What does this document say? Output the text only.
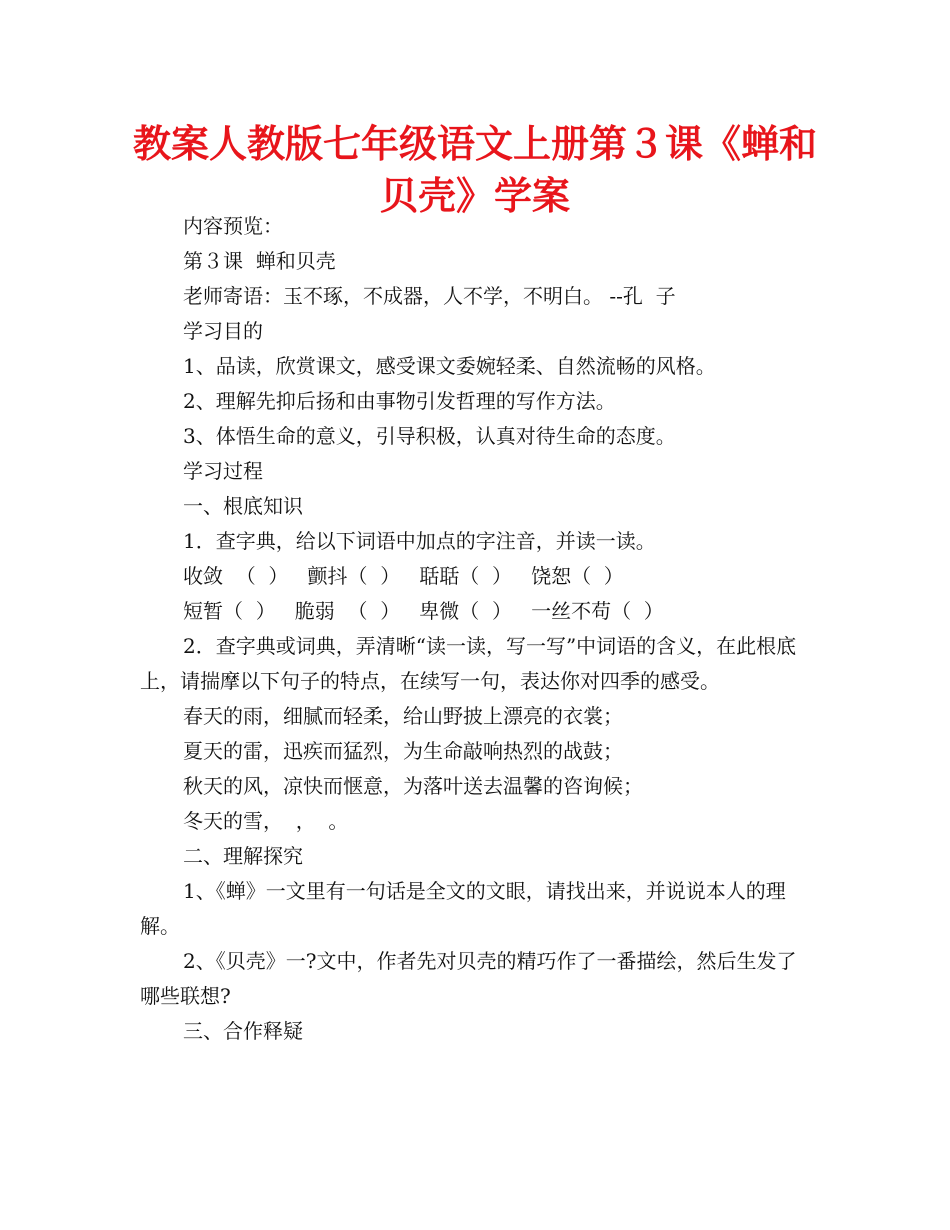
教案人教版七年级语文上册第３课《蝉和贝壳》学案

内容预览：

第３课  蝉和贝壳

老师寄语：玉不琢，不成器，人不学，不明白。 --孔  子

学习目的

1、品读，欣赏课文，感受课文委婉轻柔、自然流畅的风格。

2、理解先抑后扬和由事物引发哲理的写作方法。

3、体悟生命的意义，引导积极，认真对待生命的态度。

学习过程

一、根底知识

1．查字典，给以下词语中加点的字注音，并读一读。

收敛  （  ）   颤抖（  ）   聒聒（  ）   饶恕（  ）

短暂（  ）   脆弱  （  ）   卑微（  ）   一丝不苟（  ）

2．查字典或词典，弄清晰“读一读，写一写”中词语的含义，在此根底上，请揣摩以下句子的特点，在续写一句，表达你对四季的感受。

春天的雨，细腻而轻柔，给山野披上漂亮的衣裳；

夏天的雷，迅疾而猛烈，为生命敲响热烈的战鼓；

秋天的风，凉快而惬意，为落叶送去温馨的咨询候；

冬天的雪，  ，  。

二、理解探究

1、《蝉》一文里有一句话是全文的文眼，请找出来，并说说本人的理解。

2、《贝壳》一?文中，作者先对贝壳的精巧作了一番描绘，然后生发了哪些联想?

三、合作释疑
